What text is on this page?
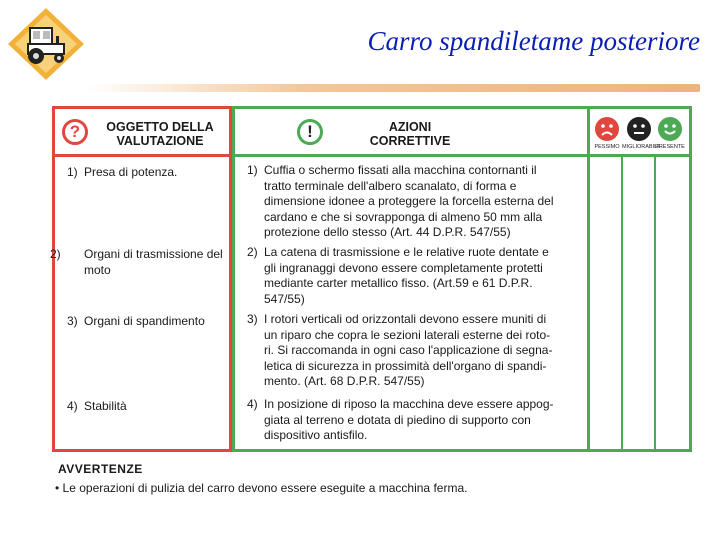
Carro spandiletame posteriore
?	OGGETTO DELLA
VALUTAZIONE
1) Presa di potenza.
2) Organi di trasmissione del moto
3) Organi di spandimento
4) Stabilità
!	AZIONI
CORRETTIVE
1) Cuffia o schermo fissati alla macchina contornanti il
tratto terminale dell'albero scanalato, di forma e
dimensione idonee a proteggere la forcella esterna del
cardano e che si sovrapponga di almeno 50 mm alla
protezione dello stesso (Art. 44 D.P.R. 547/55)
2) La catena di trasmissione e le relative ruote dentate e
gli ingranaggi devono essere completamente protetti
mediante carter metallico fisso. (Art.59 e 61 D.P.R.
547/55)
3) I rotori verticali od orizzontali devono essere muniti di
un riparo che copra le sezioni laterali esterne dei roto-
ri. Si raccomanda in ogni caso l'applicazione di segna-
letica di sicurezza in prossimità dell'organo di spandi-
mento. (Art. 68 D.P.R. 547/55)
4) In posizione di riposo la macchina deve essere appog-
giata al terreno e dotata di piedino di supporto con
dispositivo antisfilo.
PESSIMO MIGLIORABILE
PRESENTE
AVVERTENZE
• Le operazioni di pulizia del carro devono essere eseguite a macchina ferma.
